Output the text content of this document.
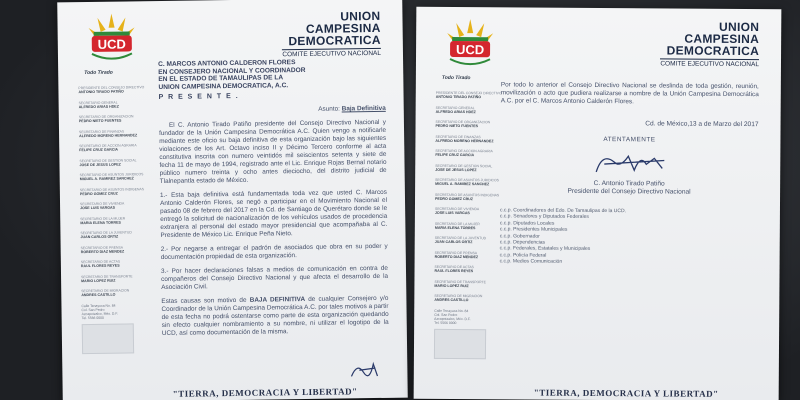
UCD
Todo Tirado
PRESIDENTE DEL CONSEJO DIRECTIVO
ANTONIO TIRADO PATIÑO
SECRETARIO GENERAL
ALFREDO ARIAS HDEZ
SECRETARIO DE ORGANIZACION
PEDRO NIETO FUENTES
SECRETARIO DE FINANZAS
ALFREDO MORENO HERNANDEZ
SECRETARIO DE ACCION AGRARIA
FELIPE CRUZ GARCIA
SECRETARIO DE GESTION SOCIAL
JOSE DE JESUS LOPEZ
SECRETARIO DE ASUNTOS JURIDICOS
MIGUEL A. RAMIREZ SANCHEZ
SECRETARIO DE ASUNTOS INDIGENAS
PEDRO GOMEZ CRUZ
SECRETARIO DE VIVIENDA
JOSE LUIS VARGAS
SECRETARIO DE LA MUJER
MARIA ELENA TORRES
SECRETARIO DE LA JUVENTUD
JUAN CARLOS ORTIZ
SECRETARIO DE PRENSA
ROBERTO DIAZ MENDEZ
SECRETARIO DE ACTAS
RAUL FLORES REYES
SECRETARIO DE TRANSPORTE
MARIO LOPEZ RUIZ
SECRETARIO DE MIGRACION
ANDRES CASTILLO
Calle Tenayuca No. 84
Col. San Pedro
Azcapotzalco, Méx. D.F.
Tel. 5566 0000
UNION
CAMPESINA
DEMOCRATICA
COMITE EJECUTIVO NACIONAL
C. MARCOS ANTONIO CALDERON FLORES
EN CONSEJERO NACIONAL Y COORDINADOR
EN EL ESTADO DE TAMAULIPAS DE LA
UNION CAMPESINA DEMOCRATICA, A.C.
P R E S E N T E .
Asunto: Baja Definitiva
El C. Antonio Tirado Patiño presidente del Consejo Directivo Nacional y fundador de la Unión Campesina Democrática A.C. Quien vengo a notificarle mediante este oficio su baja definitiva de esta organización bajo las siguientes violaciones de los Art. Octavo inciso II y Décimo Tercero conforme al acta constitutiva inscrita con numero veintidós mil seiscientos setenta y siete de fecha 11 de mayo de 1994, registrado ante el Lic. Enrique Rojas Bernal notario público numero treinta y ocho antes dieciocho, del distrito judicial de Tlalnepantla estado de México.
1.- Esta baja definitiva está fundamentada toda vez que usted C. Marcos Antonio Calderón Flores, se negó a participar en el Movimiento Nacional el pasado 08 de febrero del 2017 en la Cd. de Santiago de Querétaro donde se le entregó la solicitud de nacionalización de los vehículos usados de procedencia extranjera al personal del estado mayor presidencial que acompañaba al C. Presidente de México Lic. Enrique Peña Nieto.
2.- Por negarse a entregar el padrón de asociados que obra en su poder y documentación propiedad de esta organización.
3.- Por hacer declaraciones falsas a medios de comunicación en contra de compañeros del Consejo Directivo Nacional y que afecta el desarrollo de la Asociación Civil.
Estas causas son motivo de BAJA DEFINITIVA de cualquier Consejero y/o Coordinador de la Unión Campesina Democrática A.C. por tales motivos a partir de esta fecha no podrá ostentarse como parte de esta organización quedando sin efecto cualquier nombramiento a su nombre, ni utilizar el logotipo de la UCD, así como documentación de la misma.
"TIERRA, DEMOCRACIA Y LIBERTAD"
UCD
Todo Tirado
PRESIDENTE DEL CONSEJO DIRECTIVO
ANTONIO TIRADO PATIÑO
SECRETARIO GENERAL
ALFREDO ARIAS HDEZ
SECRETARIO DE ORGANIZACION
PEDRO NIETO FUENTES
SECRETARIO DE FINANZAS
ALFREDO MORENO HERNANDEZ
SECRETARIO DE ACCION AGRARIA
FELIPE CRUZ GARCIA
SECRETARIO DE GESTION SOCIAL
JOSE DE JESUS LOPEZ
SECRETARIO DE ASUNTOS JURIDICOS
MIGUEL A. RAMIREZ SANCHEZ
SECRETARIO DE ASUNTOS INDIGENAS
PEDRO GOMEZ CRUZ
SECRETARIO DE VIVIENDA
JOSE LUIS VARGAS
SECRETARIO DE LA MUJER
MARIA ELENA TORRES
SECRETARIO DE LA JUVENTUD
JUAN CARLOS ORTIZ
SECRETARIO DE PRENSA
ROBERTO DIAZ MENDEZ
SECRETARIO DE ACTAS
RAUL FLORES REYES
SECRETARIO DE TRANSPORTE
MARIO LOPEZ RUIZ
SECRETARIO DE MIGRACION
ANDRES CASTILLO
Calle Tenayuca No. 84
Col. San Pedro
Azcapotzalco, Méx. D.F.
Tel. 5566 0000
UNION
CAMPESINA
DEMOCRATICA
COMITE EJECUTIVO NACIONAL
Por todo lo anterior el Consejo Directivo Nacional se deslinda de toda gestión, reunión, movilización o acto que pudiera realizarse a nombre de la Unión Campesina Democrática A.C. por el C. Marcos Antonio Calderón Flores.
Cd. de México,13 a de Marzo del 2017
ATENTAMENTE
C. Antonio Tirado Patiño
Presidente del Consejo Directivo Nacional
c.c.p. Coordinadores del Edo. De Tamaulipas de la UCD.
c.c.p. Senadores y Diputados Federales
c.c.p. Diputados Locales
c.c.p. Presidentes Municipales
c.c.p. Gobernador
c.c.p. Dependencias
c.c.p. Federales, Estatales y Municipales
c.c.p. Policía Federal
c.c.p. Medios Comunicación
"TIERRA, DEMOCRACIA Y LIBERTAD"
